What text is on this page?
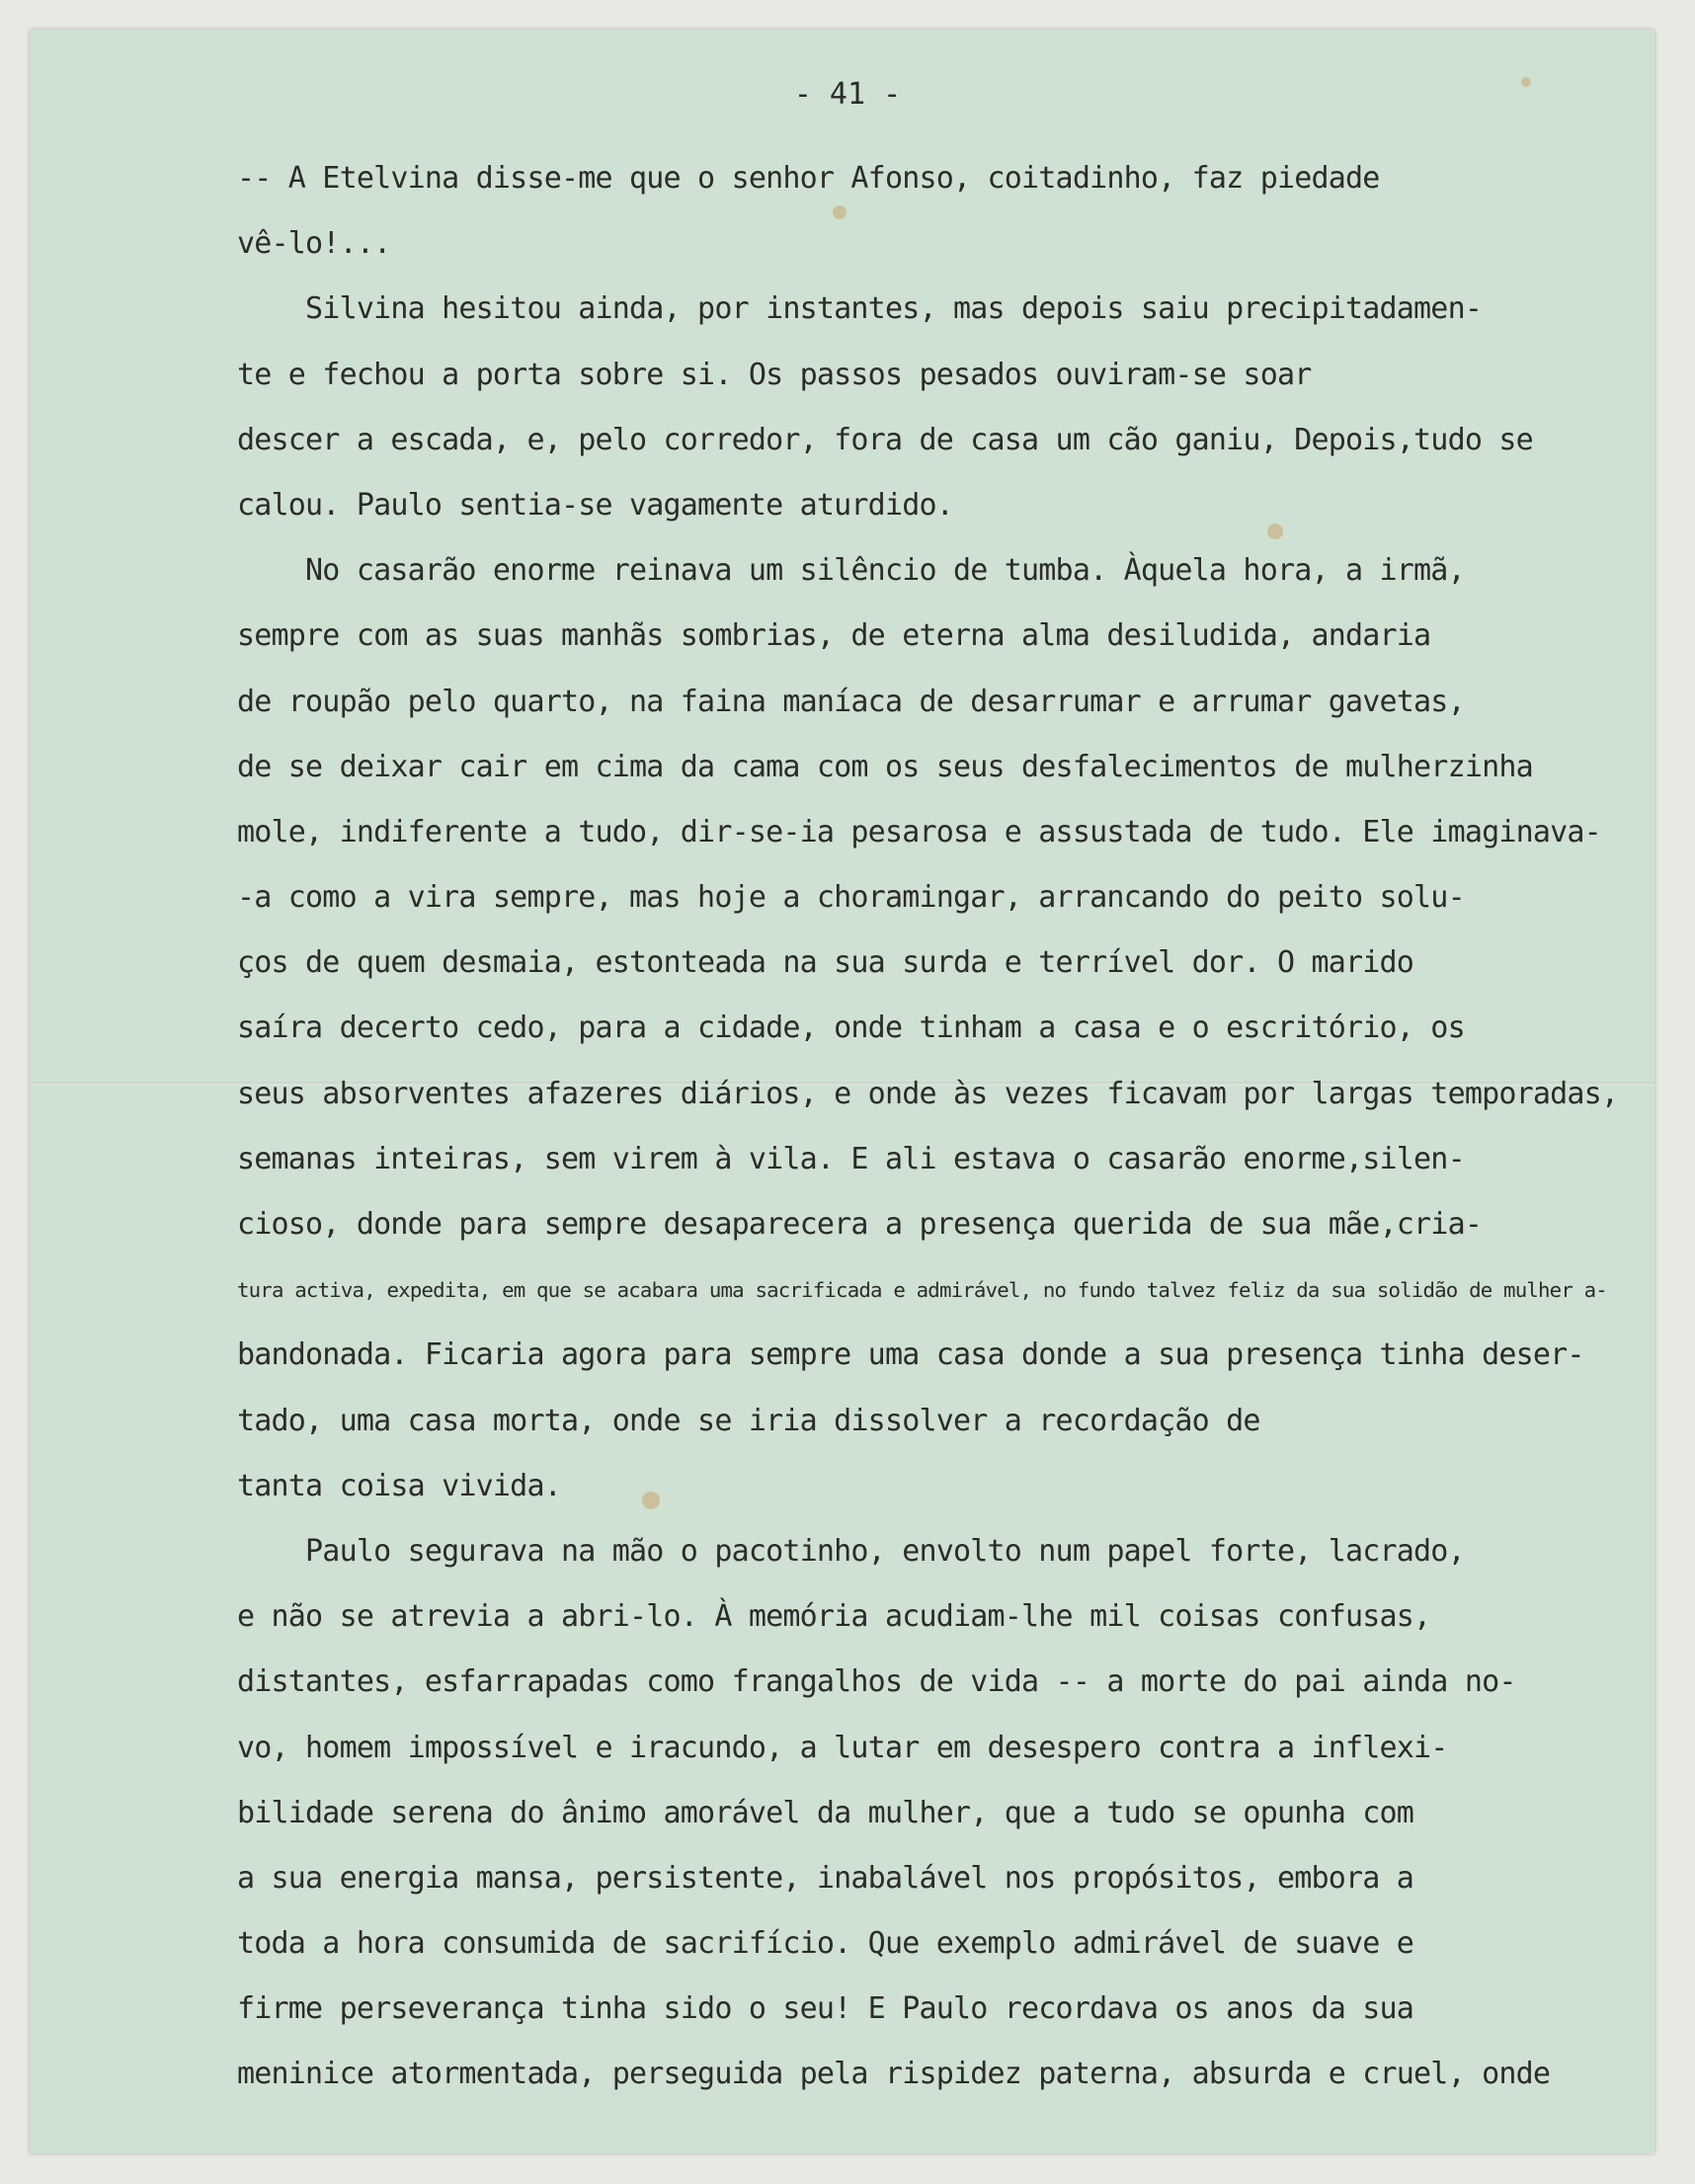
- 41 -
-- A Etelvina disse-me que o senhor Afonso, coitadinho, faz piedade
vê-lo!...
Silvina hesitou ainda, por instantes, mas depois saiu precipitadamen-
te e fechou a porta sobre si. Os passos pesados ouviram-se soar
descer a escada, e, pelo corredor, fora de casa um cão ganiu, Depois,tudo se
calou. Paulo sentia-se vagamente aturdido.
No casarão enorme reinava um silêncio de tumba. Àquela hora, a irmã,
sempre com as suas manhãs sombrias, de eterna alma desiludida, andaria
de roupão pelo quarto, na faina maníaca de desarrumar e arrumar gavetas,
de se deixar cair em cima da cama com os seus desfalecimentos de mulherzinha
mole, indiferente a tudo, dir-se-ia pesarosa e assustada de tudo. Ele imaginava-
-a como a vira sempre, mas hoje a choramingar, arrancando do peito solu-
ços de quem desmaia, estonteada na sua surda e terrível dor. O marido
saíra decerto cedo, para a cidade, onde tinham a casa e o escritório, os
seus absorventes afazeres diários, e onde às vezes ficavam por largas temporadas,
semanas inteiras, sem virem à vila. E ali estava o casarão enorme,silen-
cioso, donde para sempre desaparecera a presença querida de sua mãe,cria-
tura activa, expedita, em que se acabara uma sacrificada e admirável, no fundo talvez feliz da sua solidão de mulher a-
bandonada. Ficaria agora para sempre uma casa donde a sua presença tinha deser-
tado, uma casa morta, onde se iria dissolver a recordação de
tanta coisa vivida.
Paulo segurava na mão o pacotinho, envolto num papel forte, lacrado,
e não se atrevia a abri-lo. À memória acudiam-lhe mil coisas confusas,
distantes, esfarrapadas como frangalhos de vida -- a morte do pai ainda no-
vo, homem impossível e iracundo, a lutar em desespero contra a inflexi-
bilidade serena do ânimo amorável da mulher, que a tudo se opunha com
a sua energia mansa, persistente, inabalável nos propósitos, embora a
toda a hora consumida de sacrifício. Que exemplo admirável de suave e
firme perseverança tinha sido o seu! E Paulo recordava os anos da sua
meninice atormentada, perseguida pela rispidez paterna, absurda e cruel, onde
